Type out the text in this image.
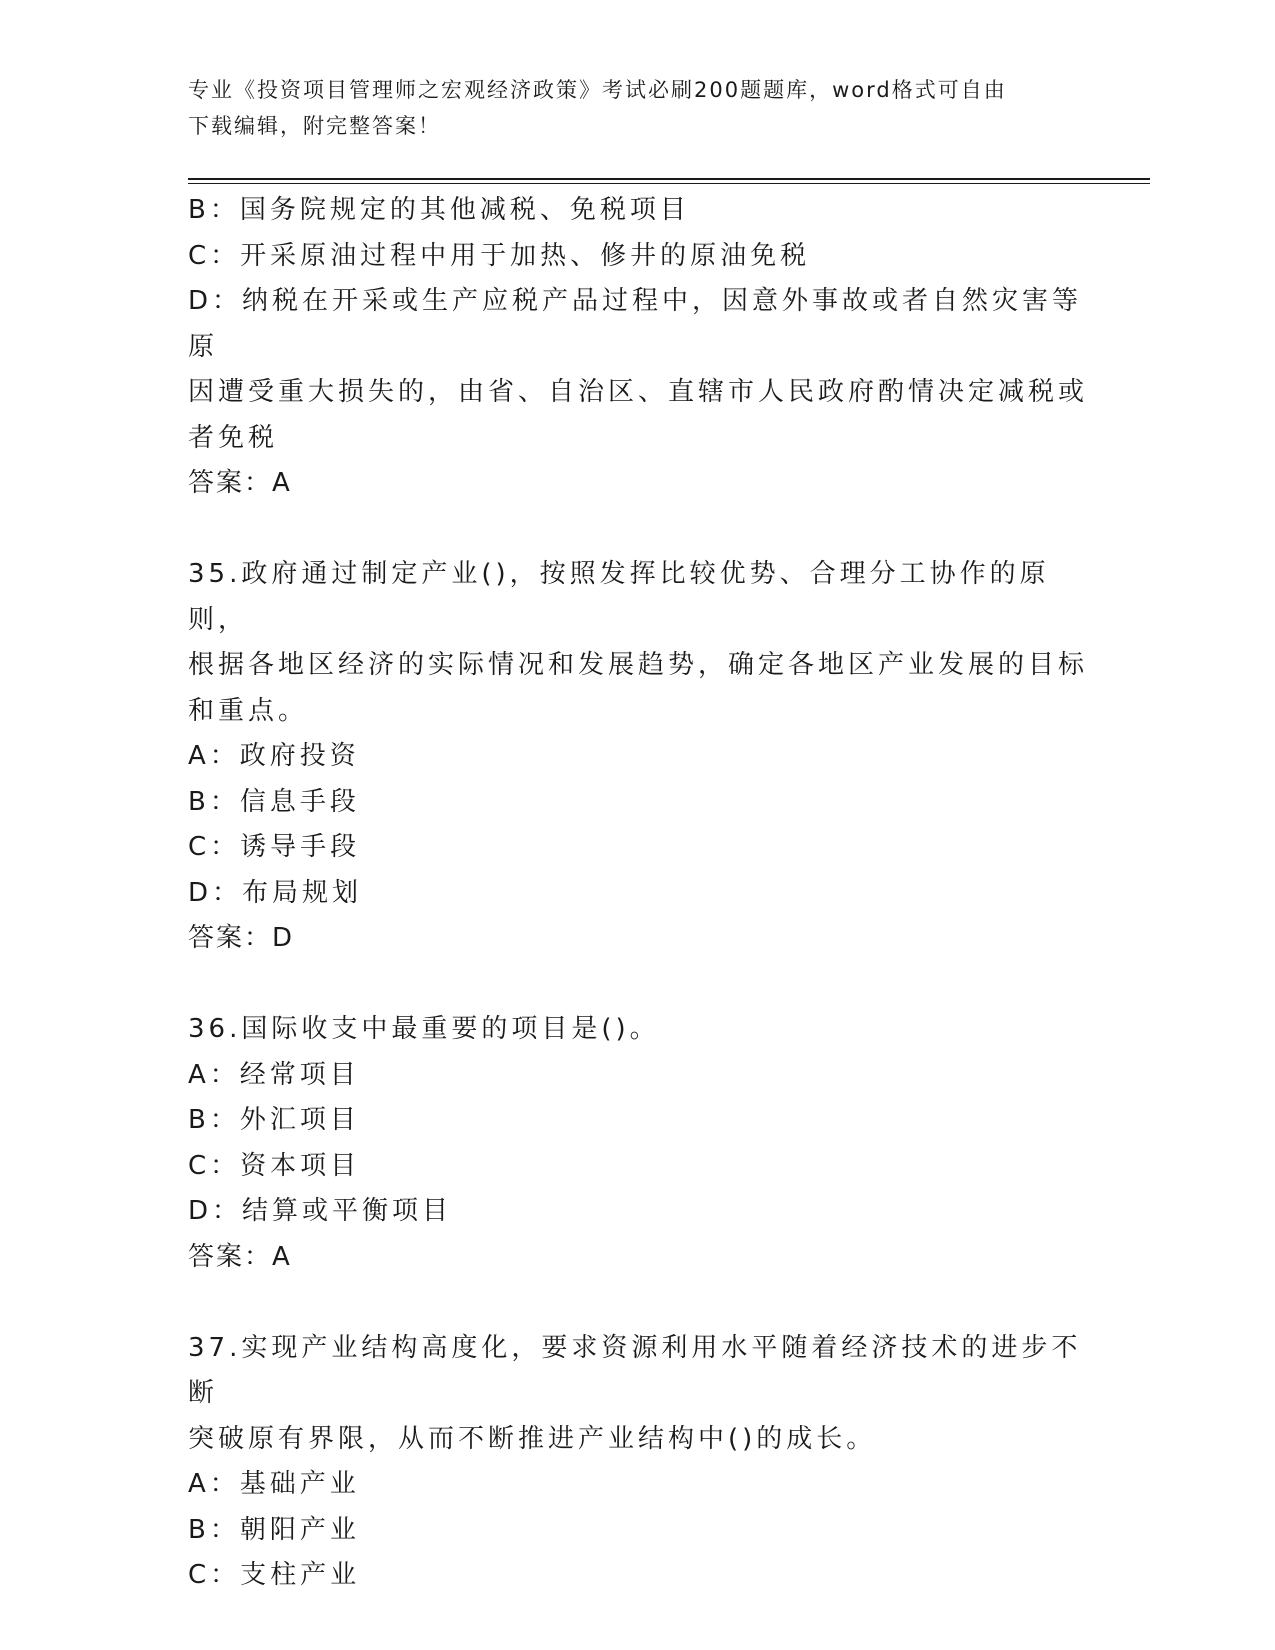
专业《投资项目管理师之宏观经济政策》考试必刷200题题库，word格式可自由
下载编辑，附完整答案！
B：国务院规定的其他减税、免税项目
C：开采原油过程中用于加热、修井的原油免税
D：纳税在开采或生产应税产品过程中，因意外事故或者自然灾害等原
因遭受重大损失的，由省、自治区、直辖市人民政府酌情决定减税或
者免税
答案：A
35.政府通过制定产业()，按照发挥比较优势、合理分工协作的原则，
根据各地区经济的实际情况和发展趋势，确定各地区产业发展的目标
和重点。
A：政府投资
B：信息手段
C：诱导手段
D：布局规划
答案：D
36.国际收支中最重要的项目是()。
A：经常项目
B：外汇项目
C：资本项目
D：结算或平衡项目
答案：A
37.实现产业结构高度化，要求资源利用水平随着经济技术的进步不断
突破原有界限，从而不断推进产业结构中()的成长。
A：基础产业
B：朝阳产业
C：支柱产业
